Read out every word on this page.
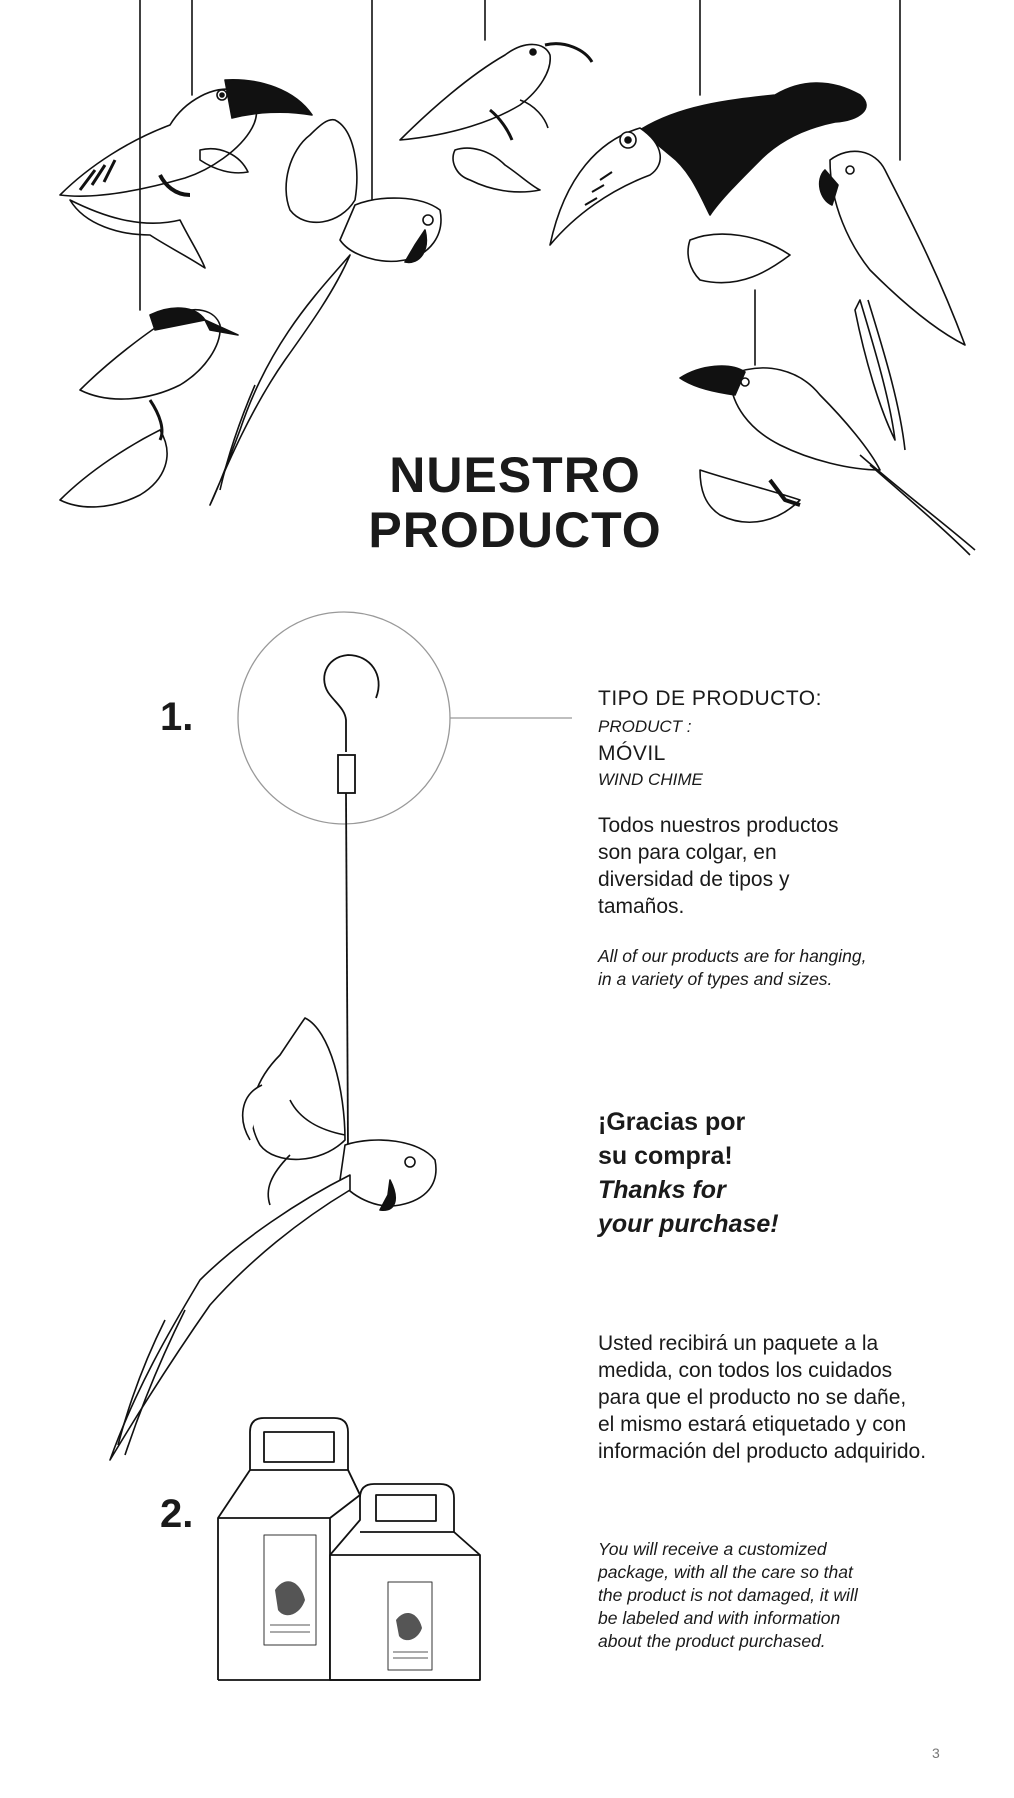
NUESTRO
PRODUCTO
1.	TIPO DE PRODUCTO:
PRODUCT :
MÓVIL
WIND CHIME
Todos nuestros productos son para colgar, en diversidad de tipos y tamaños.
All of our products are for hanging, in a variety of types and sizes.
¡Gracias por
su compra!
Thanks for
your purchase!
2.
Usted recibirá un paquete a la medida, con todos los cuidados para que el producto no se dañe, el mismo estará etiquetado y con información del producto adquirido.
You will receive a customized package, with all the care so that the product is not damaged, it will be labeled and with information about the product purchased.
3
